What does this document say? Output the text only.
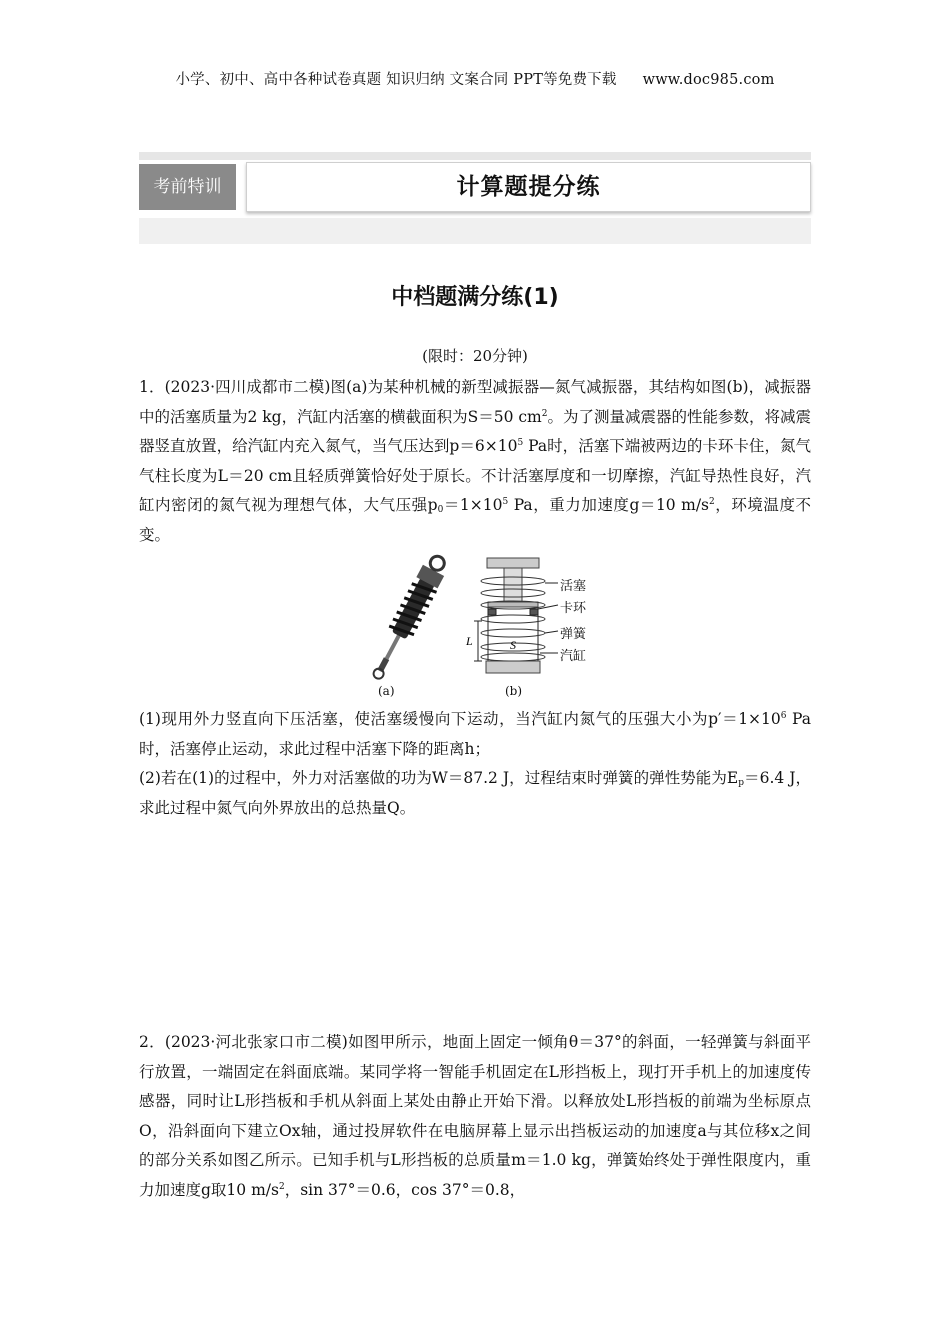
小学、初中、高中各种试卷真题 知识归纳 文案合同 PPT等免费下载 www.doc985.com
考前特训	计算题提分练
中档题满分练(1)
(限时：20分钟)
1．(2023·四川成都市二模)图(a)为某种机械的新型减振器—氮气减振器，其结构如图(b)，减振器中的活塞质量为2 kg，汽缸内活塞的横截面积为S＝50 $cm^2$。为了测量减震器的性能参数，将减震器竖直放置，给汽缸内充入氮气，当气压达到$p=6\times 10^5$ Pa时，活塞下端被两边的卡环卡住，氮气气柱长度为L＝20 cm且轻质弹簧恰好处于原长。不计活塞厚度和一切摩擦，汽缸导热性良好，汽缸内密闭的氮气视为理想气体，大气压强$p_0=1\times 10^5$ Pa，重力加速度g＝10 $m/s^2$，环境温度不变。
L	S
活塞
卡环
弹簧
汽缸
(a)	(b)
(1)现用外力竖直向下压活塞，使活塞缓慢向下运动，当汽缸内氮气的压强大小为$p'=1\times 10^6$ Pa时，活塞停止运动，求此过程中活塞下降的距离h；
(2)若在(1)的过程中，外力对活塞做的功为W＝87.2 J，过程结束时弹簧的弹性势能为$E_p=6.4$ J，求此过程中氮气向外界放出的总热量Q。
2．(2023·河北张家口市二模)如图甲所示，地面上固定一倾角θ＝37°的斜面，一轻弹簧与斜面平行放置，一端固定在斜面底端。某同学将一智能手机固定在L形挡板上，现打开手机上的加速度传感器，同时让L形挡板和手机从斜面上某处由静止开始下滑。以释放处L形挡板的前端为坐标原点O，沿斜面向下建立Ox轴，通过投屏软件在电脑屏幕上显示出挡板运动的加速度a与其位移x之间的部分关系如图乙所示。已知手机与L形挡板的总质量m＝1.0 kg，弹簧始终处于弹性限度内，重力加速度g取10 $m/s^2$，sin 37°＝0.6，cos 37°＝0.8，
